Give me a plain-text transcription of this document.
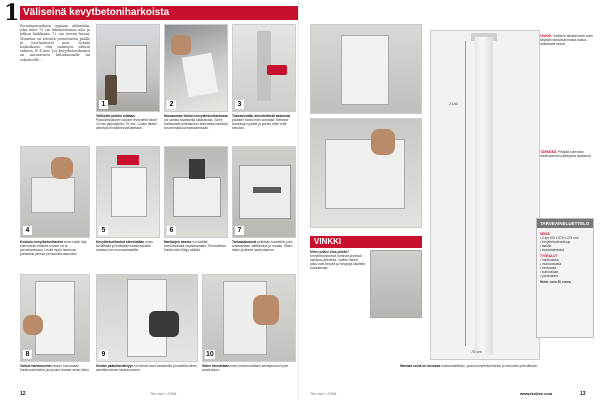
1 Väliseinä kevytbetoniharkoista
Perusmuurauksen oppiaan väliseinän, joka tulee 75 cm tukemattoman ulos ja jatkuu kaikkiaan 72 cm torvaa kiinni. Muuraus on tehtävä perustusten päälle ja vesi-kaatuvat pois. Seinää laskeaksesi, että saumojen välissä vähiten 10-4 mm. Jos kevytbetoniharkot on muurattava lattiamassalle tai sekunteille...
1
Välikoimi puikko mittaan. Paaruvittaukseen aukion leveydeltä toiset 10 mm järjestyksen 75 mm. Loukin laidan alimmat pinnoitteet tarkistetaan.
2
Muurauman tehdon kevytbetoniharkosta voi sahata tavallisella käsisahalla. Sorra lavittamalla eräkaartoon kannattaa harkkoja kovammalla kampaviiamikaali.
3
Tukeaseinään kiinnitettävät tartunnat jokaisen harkkorivin kohdalla. Merkitse tartuntojen paikat ja porata rekle reiät seinään.
4
Koukutu kevytbetoniharkot ensin laatin läpi, etta harkko imaisee inosen ha ta peruskanavaan. Levitä hyvin harkkoon puhtaaksi yllessa peruskokonaisuuden.
5
Kevytbetoniharkot kiinnitetään ensin kivilattialla ja levitetään laastinauhalla mukaan kivi muurauslaastilla.
6
Harkkojen asento voi säätää kumivasaralla napauttamalla. Tiremmilleen harkkoriviin liittyy säätää.
7
Tarkastakunnat pelletään kaarteilla, joka tarkastetaan välittömästi ja noraan. Sitten laske yhdessä harkkoharkon.
8
Valmis harkkoseinä toiseen kuivumaan harkkovaihtoehto ja lopuksi hiotaan aivan kiinni.
9
Seinän päätekäsittelyyn voi tehdä osan kaakeleilla ja laastilla siihen seinäkerroksen rakennukseen.
10
Sitten tasoitetaan koko kuvioturvallisen seinäpinnan hyvin suorituksen.
12	Tee itse • 2008
2140
75 cm
VINKKI: Kaikkein aikaisemmin tulee käyttää harkkoisimmasta laatua - luotettavat seinät.
TÄRKEÄÄ: Pitäkää tukevana harkkoseinän päätepinta tasaisesti.
VINKKI
Miten pitäisi tilaa pitkää?
Kevytbetoniharkot toimivat yhdessä kaikissa paikoissa. Valitse harkot, jotka ovat kevyitä ja helppoja käsitellä muuratessa.
Harmaa seinä on kuvassa harkkokäsittelyn, jossa kevytbetoniharkot ja muurattu yhtenäisesti.
TARVEAINELUETTELO
SEINÄ
• 5 kpl 100 x 575 x 275 mm
• kevytbetoniharkkoja
• laastia
• tartuntateräksiä
TYÖKALUT
• harkkosaha
• muurauslasta
• vesivaaka
• kumivasara
• poravasara
Hinta: noin 50 euroa.
Tee itse • 2008	www.teeitse.com	13
